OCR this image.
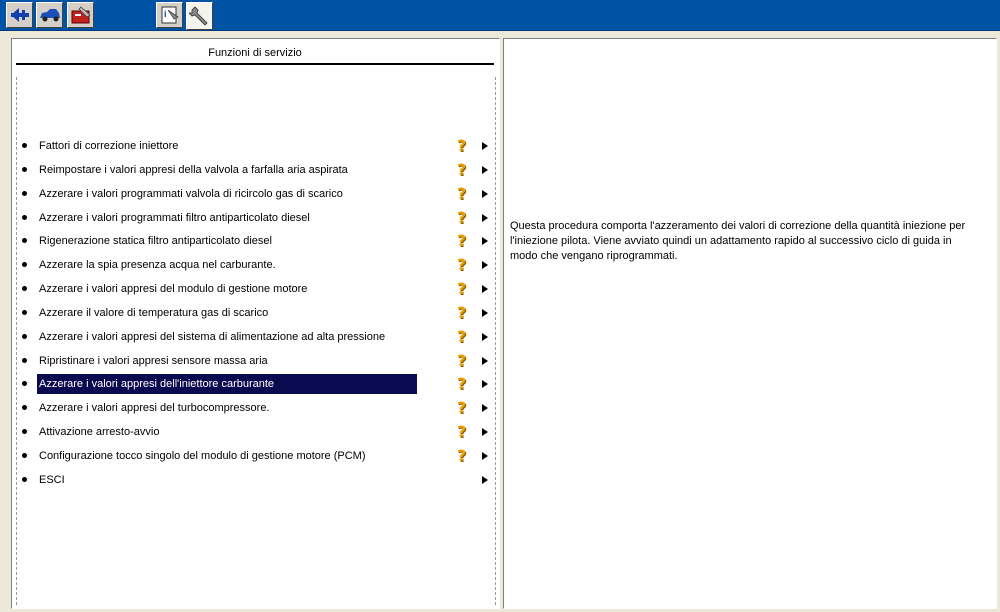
i
Funzioni di servizio
Fattori di correzione iniettore	?
Reimpostare i valori appresi della valvola a farfalla aria aspirata	?
Azzerare i valori programmati valvola di ricircolo gas di scarico	?
Azzerare i valori programmati filtro antiparticolato diesel	?
Rigenerazione statica filtro antiparticolato diesel	?
Azzerare la spia presenza acqua nel carburante.	?
Azzerare i valori appresi del modulo di gestione motore	?
Azzerare il valore di temperatura gas di scarico	?
Azzerare i valori appresi del sistema di alimentazione ad alta pressione	?
Ripristinare i valori appresi sensore massa aria	?
Azzerare i valori appresi dell'iniettore carburante	?
Azzerare i valori appresi del turbocompressore.	?
Attivazione arresto-avvio	?
Configurazione tocco singolo del modulo di gestione motore (PCM)	?
ESCI
Questa procedura comporta l'azzeramento dei valori di correzione della quantità iniezione per l'iniezione pilota. Viene avviato quindi un adattamento rapido al successivo ciclo di guida in modo che vengano riprogrammati.
